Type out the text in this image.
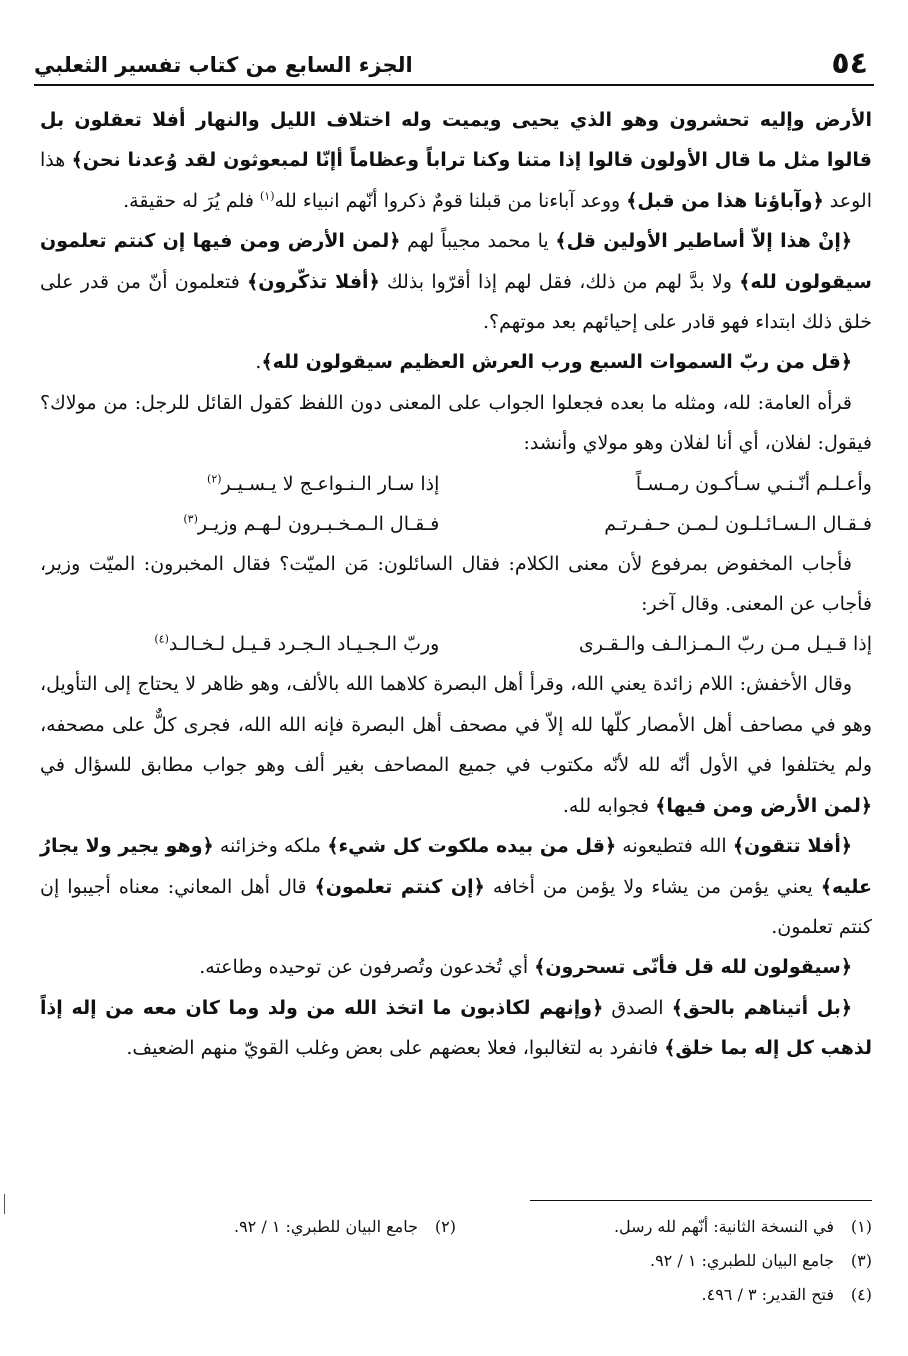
٥٤
الجزء السابع من كتاب تفسير الثعلبي

الأرض وإليه تحشرون وهو الذي يحيى ويميت وله اختلاف الليل والنهار أفلا تعقلون بل قالوا مثل ما قال الأولون قالوا إذا متنا وكنا تراباً وعظاماً أإنّا لمبعوثون لقد وُعدنا نحن﴾ هذا الوعد ﴿وآباؤنا هذا من قبل﴾ ووعد آباءنا من قبلنا قومٌ ذكروا أنّهم انبياء لله$^{(١)}$ فلم يُرَ له حقيقة.

﴿إنْ هذا إلاّ أساطير الأولين قل﴾ يا محمد مجيباً لهم ﴿لمن الأرض ومن فيها إن كنتم تعلمون سيقولون لله﴾ ولا بدَّ لهم من ذلك، فقل لهم إذا أقرّوا بذلك ﴿أفلا تذكّرون﴾ فتعلمون أنّ من قدر على خلق ذلك ابتداء فهو قادر على إحيائهم بعد موتهم؟.

﴿قل من ربّ السموات السبع ورب العرش العظيم سيقولون لله﴾.

قرأه العامة: لله، ومثله ما بعده فجعلوا الجواب على المعنى دون اللفظ كقول القائل للرجل: من مولاك؟ فيقول: لفلان، أي أنا لفلان وهو مولاي وأنشد:

وأعـلـم أنّـنـي سـأكـون رمـسـاً
إذا سـار الـنـواعـج لا يـسـيـر$^{(٢)}$
فـقـال الـسـائـلـون لـمـن حـفـرتـم
فـقـال الـمـخـبـرون لـهـم وزيـر$^{(٣)}$

فأجاب المخفوض بمرفوع لأن معنى الكلام: فقال السائلون: مَن الميّت؟ فقال المخبرون: الميّت وزير، فأجاب عن المعنى. وقال آخر:

إذا قـيـل مـن ربّ الـمـزالـف والـقـرى
وربّ الـجـيـاد الـجـرد قـيـل لـخـالـد$^{(٤)}$

وقال الأخفش: اللام زائدة يعني الله، وقرأ أهل البصرة كلاهما الله بالألف، وهو ظاهر لا يحتاج إلى التأويل، وهو في مصاحف أهل الأمصار كلّها لله إلاّ في مصحف أهل البصرة فإنه الله الله، فجرى كلٌّ على مصحفه، ولم يختلفوا في الأول أنّه لله لأنّه مكتوب في جميع المصاحف بغير ألف وهو جواب مطابق للسؤال في ﴿لمن الأرض ومن فيها﴾ فجوابه لله.

﴿أفلا تتقون﴾ الله فتطيعونه ﴿قل من بيده ملكوت كل شيء﴾ ملكه وخزائنه ﴿وهو يجير ولا يجارُ عليه﴾ يعني يؤمن من يشاء ولا يؤمن من أخافه ﴿إن كنتم تعلمون﴾ قال أهل المعاني: معناه أجيبوا إن كنتم تعلمون.

﴿سيقولون لله قل فأنّى تسحرون﴾ أي تُخدعون وتُصرفون عن توحيده وطاعته.

﴿بل أتيناهم بالحق﴾ الصدق ﴿وإنهم لكاذبون ما اتخذ الله من ولد وما كان معه من إله إذاً لذهب كل إله بما خلق﴾ فانفرد به لتغالبوا، فعلا بعضهم على بعض وغلب القويّ منهم الضعيف.

(١)في النسخة الثانية: أنّهم لله رسل.
(٢)جامع البيان للطبري: ١ / ٩٢.
(٣)جامع البيان للطبري: ١ / ٩٢.
(٤)فتح القدير: ٣ / ٤٩٦.
